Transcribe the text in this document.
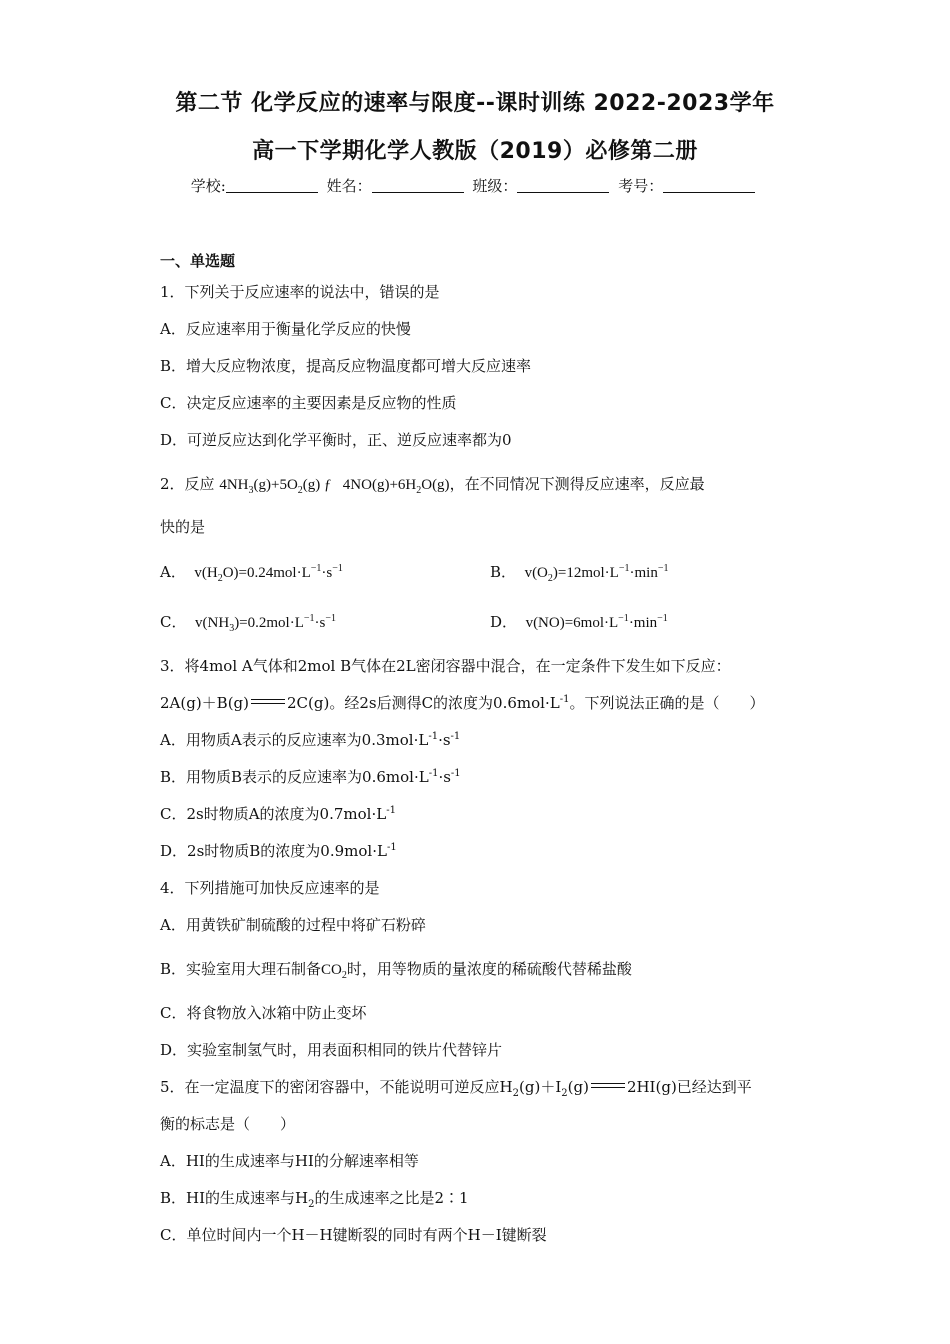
第二节 化学反应的速率与限度--课时训练 2022-2023学年
高一下学期化学人教版（2019）必修第二册
学校:	姓名：	班级：	考号：
一、单选题
1．下列关于反应速率的说法中，错误的是
A．反应速率用于衡量化学反应的快慢
B．增大反应物浓度，提高反应物温度都可增大反应速率
C．决定反应速率的主要因素是反应物的性质
D．可逆反应达到化学平衡时，正、逆反应速率都为0
2．反应 $4NH_3(g)+5O_2(g)$ ƒ   $4NO(g)+6H_2O(g)$，在不同情况下测得反应速率，反应最
快的是
A．  $v(H_2O)=0.24mol\cdot L^{-1}\cdot s^{-1}$	B．  $v(O_2)=12mol\cdot L^{-1}\cdot\min^{-1}$
C．  $v(NH_3)=0.2mol\cdot L^{-1}\cdot s^{-1}$	D．  $v(NO)=6mol\cdot L^{-1}\cdot\min^{-1}$
3．将4mol A气体和2mol B气体在2L密闭容器中混合，在一定条件下发生如下反应：
2A(g)＋B(g)	2C(g)。经2s后测得C的浓度为$0.6mol\cdot L^{-1}$。下列说法正确的是（　　）
A．用物质A表示的反应速率为$0.3mol\cdot L^{-1}\cdot s^{-1}$
B．用物质B表示的反应速率为$0.6mol\cdot L^{-1}\cdot s^{-1}$
C．2s时物质A的浓度为$0.7mol\cdot L^{-1}$
D．2s时物质B的浓度为$0.9mol\cdot L^{-1}$
4．下列措施可加快反应速率的是
A．用黄铁矿制硫酸的过程中将矿石粉碎
B．实验室用大理石制备$CO_2$时，用等物质的量浓度的稀硫酸代替稀盐酸
C．将食物放入冰箱中防止变坏
D．实验室制氢气时，用表面积相同的铁片代替锌片
5．在一定温度下的密闭容器中，不能说明可逆反应$H_2(g)+I_2(g)$	2HI(g)已经达到平
衡的标志是（　　）
A．HI的生成速率与HI的分解速率相等
B．HI的生成速率与$H_2$的生成速率之比是2∶1
C．单位时间内一个H－H键断裂的同时有两个H－I键断裂
